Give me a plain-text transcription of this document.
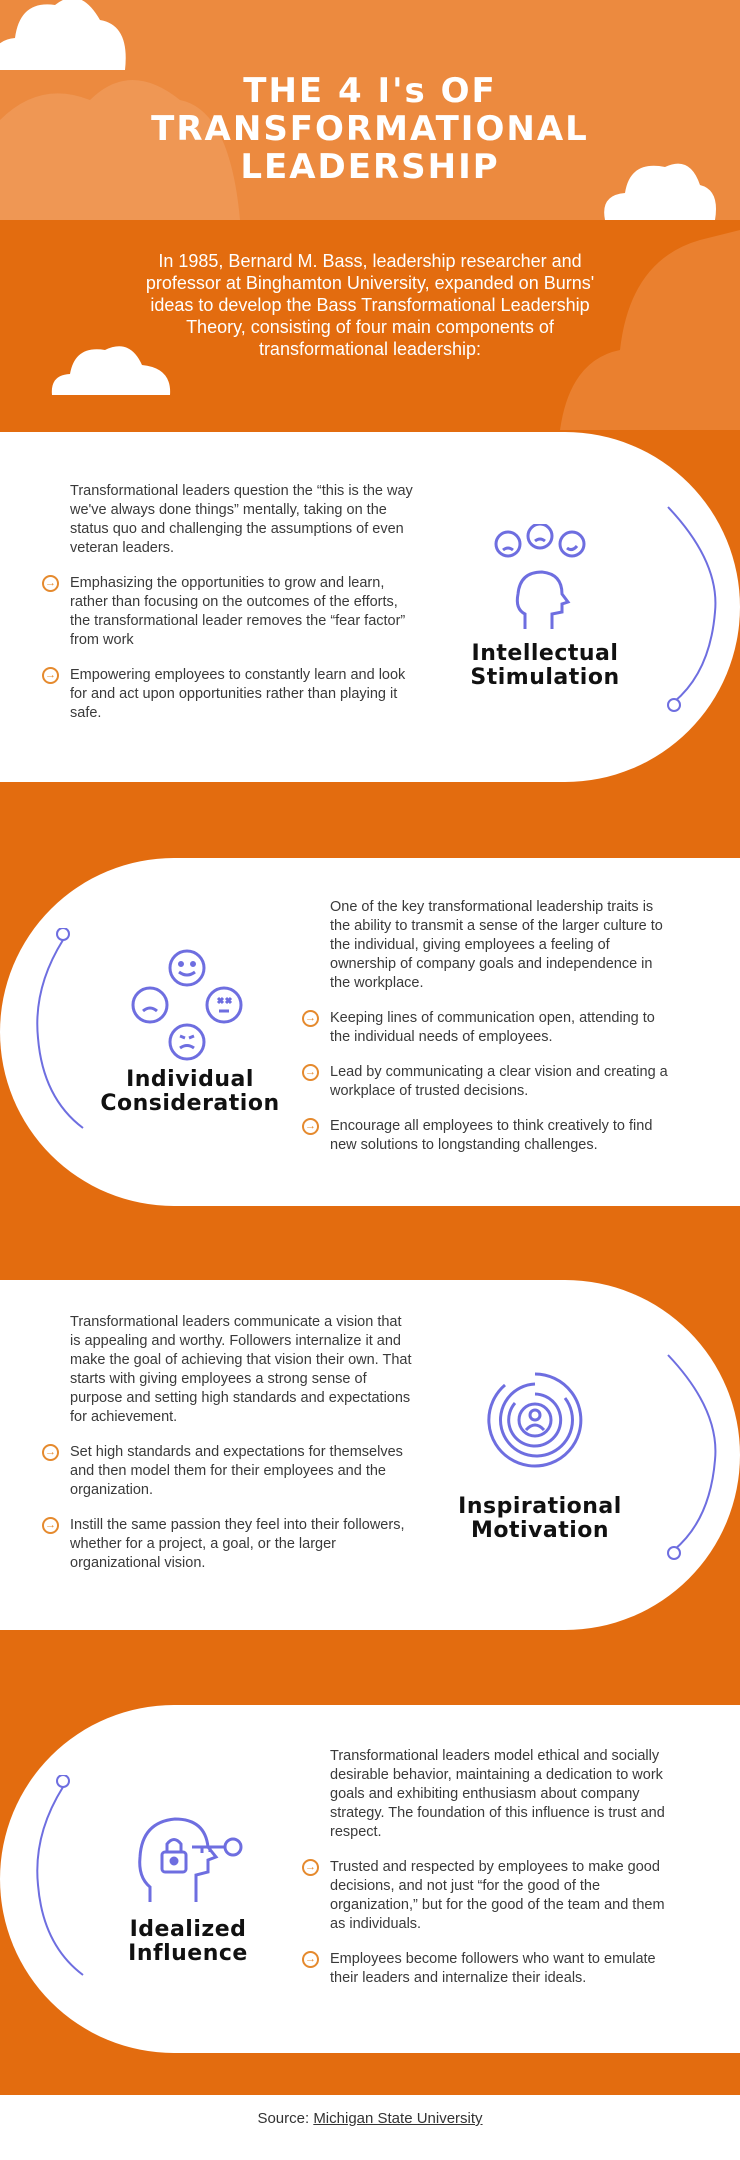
THE 4 I's OF
TRANSFORMATIONAL
LEADERSHIP
In 1985, Bernard M. Bass, leadership researcher and professor at Binghamton University, expanded on Burns' ideas to develop the Bass Transformational Leadership Theory, consisting of four main components of transformational leadership:
Transformational leaders question the “this is the way we've always done things” mentally, taking on the status quo and challenging the assumptions of even veteran leaders.
→ Emphasizing the opportunities to grow and learn, rather than focusing on the outcomes of the efforts, the transformational leader removes the “fear factor” from work
→ Empowering employees to constantly learn and look for and act upon opportunities rather than playing it safe.
Intellectual
Stimulation
Individual
Consideration
One of the key transformational leadership traits is the ability to transmit a sense of the larger culture to the individual, giving employees a feeling of ownership of company goals and independence in the workplace.
→ Keeping lines of communication open, attending to the individual needs of employees.
→ Lead by communicating a clear vision and creating a workplace of trusted decisions.
→ Encourage all employees to think creatively to find new solutions to longstanding challenges.
Transformational leaders communicate a vision that is appealing and worthy. Followers internalize it and make the goal of achieving that vision their own. That starts with giving employees a strong sense of purpose and setting high standards and expectations for achievement.
→ Set high standards and expectations for themselves and then model them for their employees and the organization.
→ Instill the same passion they feel into their followers, whether for a project, a goal, or the larger organizational vision.
Inspirational
Motivation
Idealized
Influence
Transformational leaders model ethical and socially desirable behavior, maintaining a dedication to work goals and exhibiting enthusiasm about company strategy. The foundation of this influence is trust and respect.
→ Trusted and respected by employees to make good decisions, and not just “for the good of the organization,” but for the good of the team and them as individuals.
→ Employees become followers who want to emulate their leaders and internalize their ideals.
Source: Michigan State University
